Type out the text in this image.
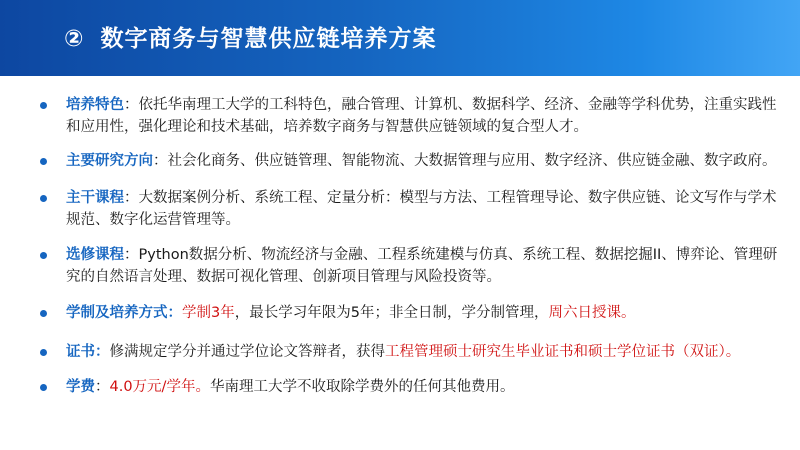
② 数字商务与智慧供应链培养方案
培养特色：依托华南理工大学的工科特色，融合管理、计算机、数据科学、经济、金融等学科优势，注重实践性和应用性，强化理论和技术基础，培养数字商务与智慧供应链领域的复合型人才。
主要研究方向：社会化商务、供应链管理、智能物流、大数据管理与应用、数字经济、供应链金融、数字政府。
主干课程：大数据案例分析、系统工程、定量分析：模型与方法、工程管理导论、数字供应链、论文写作与学术规范、数字化运营管理等。
选修课程：Python数据分析、物流经济与金融、工程系统建模与仿真、系统工程、数据挖掘II、博弈论、管理研究的自然语言处理、数据可视化管理、创新项目管理与风险投资等。
学制及培养方式：学制3年，最长学习年限为5年；非全日制，学分制管理，周六日授课。
证书：修满规定学分并通过学位论文答辩者，获得工程管理硕士研究生毕业证书和硕士学位证书（双证）。
学费：4.0万元/学年。华南理工大学不收取除学费外的任何其他费用。
